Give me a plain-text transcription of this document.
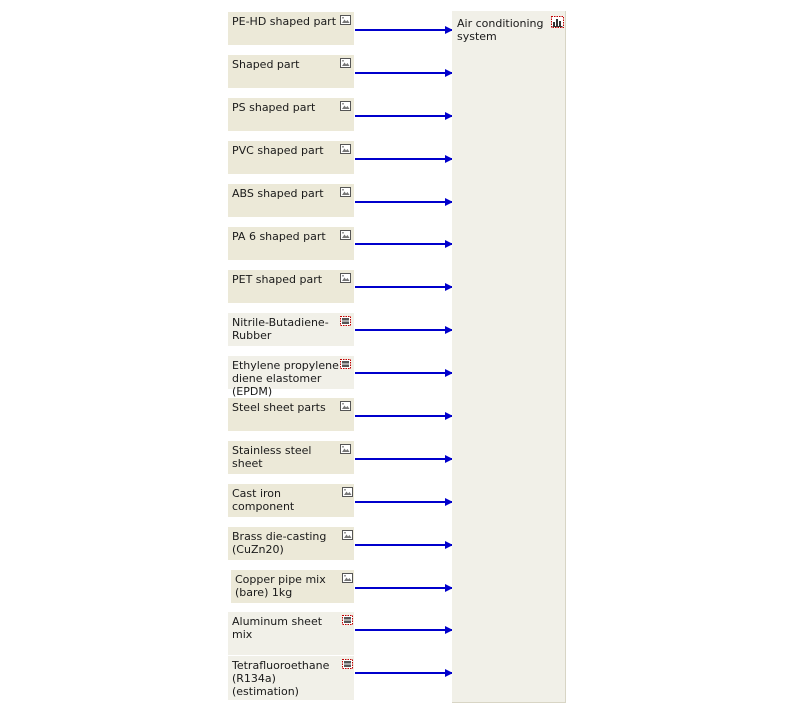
PE-HD shaped part
Shaped part
PS shaped part
PVC shaped part
ABS shaped part
PA 6 shaped part
PET shaped part
Nitrile-Butadiene-Rubber
Ethylene propylene diene elastomer (EPDM)
Steel sheet parts
Stainless steel sheet
Cast iron component
Brass die-casting (CuZn20)
Copper pipe mix (bare) 1kg
Aluminum sheet mix
Tetrafluoroethane (R134a) (estimation)
Air conditioning system
